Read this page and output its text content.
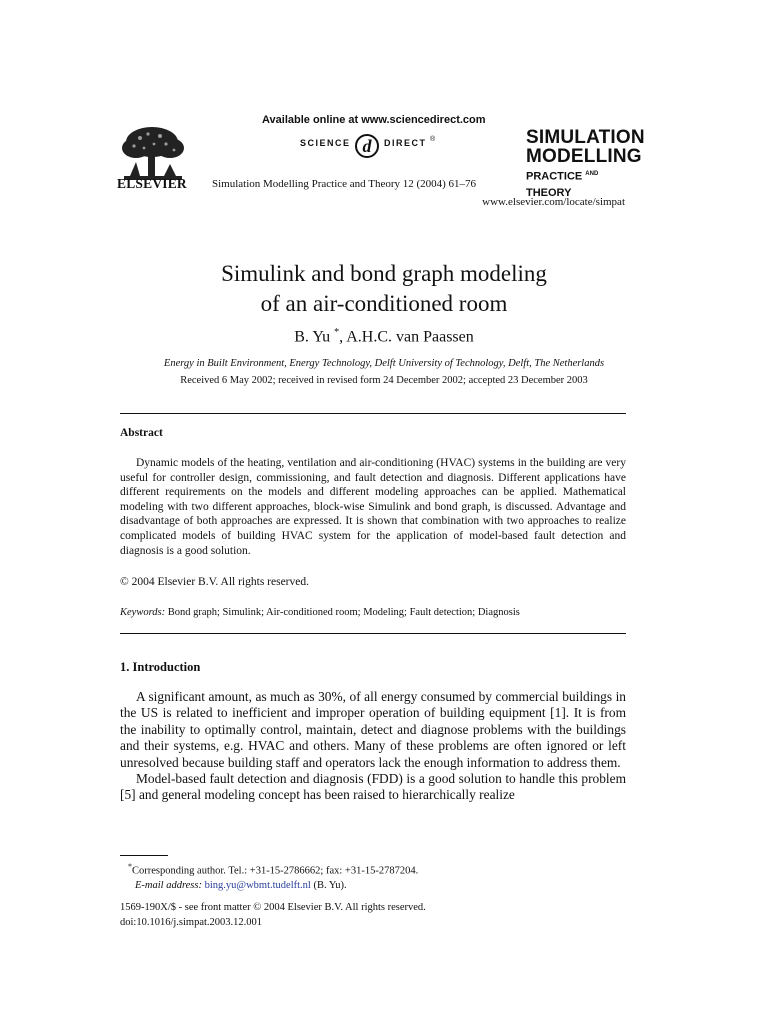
ELSEVIER
Available online at www.sciencedirect.com
SCIENCE d DIRECT ®
Simulation Modelling Practice and Theory 12 (2004) 61–76
SIMULATION
MODELLING
PRACTICE $^{AND}$ THEORY
www.elsevier.com/locate/simpat
Simulink and bond graph modeling
of an air-conditioned room
B. Yu *, A.H.C. van Paassen
Energy in Built Environment, Energy Technology, Delft University of Technology, Delft, The Netherlands
Received 6 May 2002; received in revised form 24 December 2002; accepted 23 December 2003
Abstract

Dynamic models of the heating, ventilation and air-conditioning (HVAC) systems in the building are very useful for controller design, commissioning, and fault detection and diagnosis. Different applications have different requirements on the models and different modeling approaches can be applied. Mathematical modeling with two different approaches, block-wise Simulink and bond graph, is discussed. Advantage and disadvantage of both approaches are expressed. It is shown that combination with two approaches to realize complicated models of building HVAC system for the application of model-based fault detection and diagnosis is a good solution.

© 2004 Elsevier B.V. All rights reserved.
Keywords: Bond graph; Simulink; Air-conditioned room; Modeling; Fault detection; Diagnosis
1. Introduction

A significant amount, as much as 30%, of all energy consumed by commercial buildings in the US is related to inefficient and improper operation of building equipment [1]. It is from the inability to optimally control, maintain, detect and diagnose problems with the buildings and their systems, e.g. HVAC and others. Many of these problems are often ignored or left unresolved because building staff and operators lack the enough information to address them.

Model-based fault detection and diagnosis (FDD) is a good solution to handle this problem [5] and general modeling concept has been raised to hierarchically realize

*Corresponding author. Tel.: +31-15-2786662; fax: +31-15-2787204.
E-mail address: bing.yu@wbmt.tudelft.nl (B. Yu).
1569-190X/$ - see front matter © 2004 Elsevier B.V. All rights reserved.
doi:10.1016/j.simpat.2003.12.001
